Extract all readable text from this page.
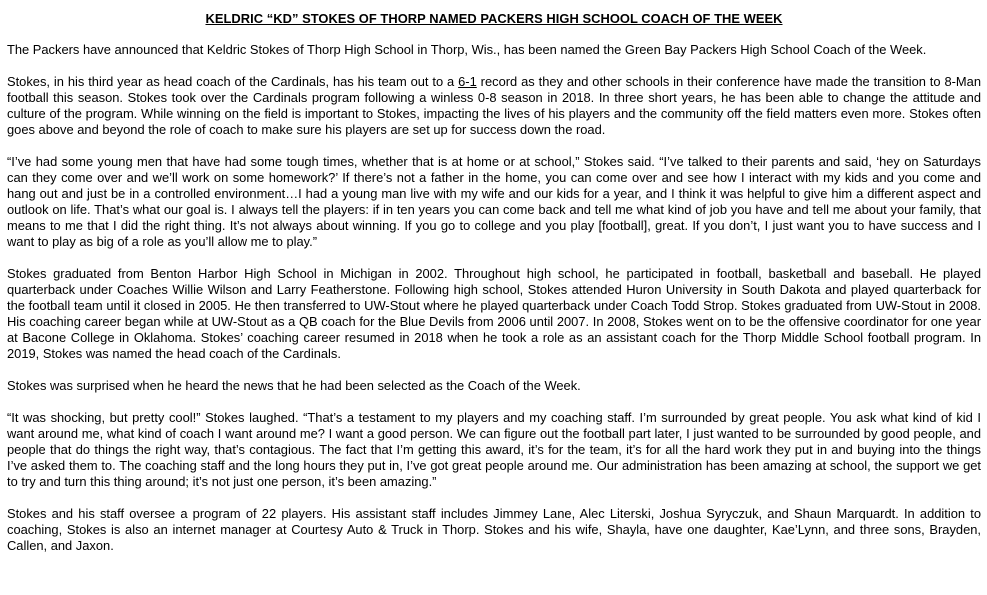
KELDRIC “KD” STOKES OF THORP NAMED PACKERS HIGH SCHOOL COACH OF THE WEEK

The Packers have announced that Keldric Stokes of Thorp High School in Thorp, Wis., has been named the Green Bay Packers High School Coach of the Week.

Stokes, in his third year as head coach of the Cardinals, has his team out to a 6-1 record as they and other schools in their conference have made the transition to 8-Man football this season. Stokes took over the Cardinals program following a winless 0-8 season in 2018. In three short years, he has been able to change the attitude and culture of the program. While winning on the field is important to Stokes, impacting the lives of his players and the community off the field matters even more. Stokes often goes above and beyond the role of coach to make sure his players are set up for success down the road.

“I’ve had some young men that have had some tough times, whether that is at home or at school,” Stokes said. “I’ve talked to their parents and said, ‘hey on Saturdays can they come over and we’ll work on some homework?’ If there’s not a father in the home, you can come over and see how I interact with my kids and you come and hang out and just be in a controlled environment…I had a young man live with my wife and our kids for a year, and I think it was helpful to give him a different aspect and outlook on life. That’s what our goal is. I always tell the players: if in ten years you can come back and tell me what kind of job you have and tell me about your family, that means to me that I did the right thing. It’s not always about winning. If you go to college and you play [football], great. If you don’t, I just want you to have success and I want to play as big of a role as you’ll allow me to play.”

Stokes graduated from Benton Harbor High School in Michigan in 2002. Throughout high school, he participated in football, basketball and baseball. He played quarterback under Coaches Willie Wilson and Larry Featherstone. Following high school, Stokes attended Huron University in South Dakota and played quarterback for the football team until it closed in 2005. He then transferred to UW-Stout where he played quarterback under Coach Todd Strop. Stokes graduated from UW-Stout in 2008. His coaching career began while at UW-Stout as a QB coach for the Blue Devils from 2006 until 2007. In 2008, Stokes went on to be the offensive coordinator for one year at Bacone College in Oklahoma. Stokes’ coaching career resumed in 2018 when he took a role as an assistant coach for the Thorp Middle School football program. In 2019, Stokes was named the head coach of the Cardinals.

Stokes was surprised when he heard the news that he had been selected as the Coach of the Week.

“It was shocking, but pretty cool!” Stokes laughed. “That’s a testament to my players and my coaching staff. I’m surrounded by great people. You ask what kind of kid I want around me, what kind of coach I want around me? I want a good person. We can figure out the football part later, I just wanted to be surrounded by good people, and people that do things the right way, that’s contagious. The fact that I’m getting this award, it’s for the team, it’s for all the hard work they put in and buying into the things I’ve asked them to. The coaching staff and the long hours they put in, I’ve got great people around me. Our administration has been amazing at school, the support we get to try and turn this thing around; it’s not just one person, it’s been amazing.”

Stokes and his staff oversee a program of 22 players. His assistant staff includes Jimmey Lane, Alec Literski, Joshua Syryczuk, and Shaun Marquardt. In addition to coaching, Stokes is also an internet manager at Courtesy Auto & Truck in Thorp. Stokes and his wife, Shayla, have one daughter, Kae’Lynn, and three sons, Brayden, Callen, and Jaxon.
